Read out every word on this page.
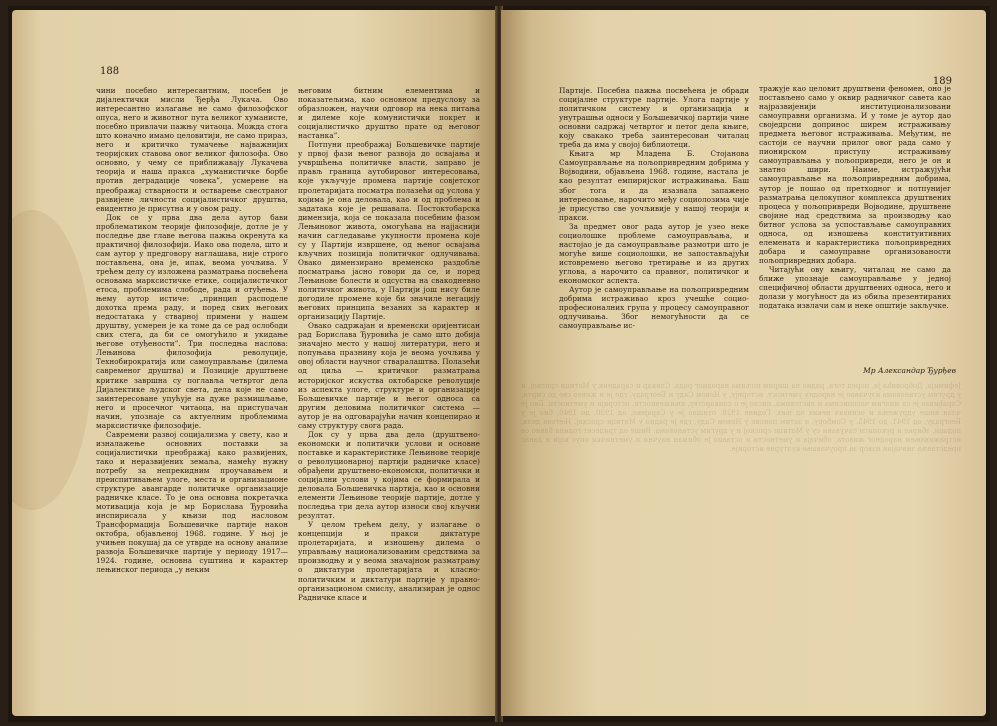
188

чини посебно интересантним, посебен је дијалектички мисли Ђерђа Лукача. Ово интересантно излагање не само филозофског опуса, него и животног пута великог хуманисте, посебно привлачи пажњу читаоца. Можда стога што коначно имамо целовитији, не само прираз, него и критичко тумачење најважнијих теоријских ставова овог великог филозофа. Ово основно, у чему се приближавају Лукачева теорија и наша пракса „хуманистичке борбе против деградације човека”, усмерене на преображај стварности и остварење свестраног развијене личности социјалистичког друштва, евидентно је присутна и у овом раду.

Док се у прва два дела аутор бави проблематиком теорије филозофије, дотле је у последње две главе његова пажња окренута ка практичној филозофији. Иако ова подела, што и сам аутор у предговору наглашава, није строго постављена, она је, ипак, веома уочљива. У трећем делу су изложена разматрања посвећена основама марксистичке етике, социјалистичког етоса, проблемима слободе, рада и отуђења. У њему аутор истиче: „принцип расподеле дохотка према раду, и поред свих његових недостатака у стварној примени у нашем друштву, усмерен је ка томе да се рад ослободи свих стега, да би се омогућило и укидање његове отуђености”. Три последња наслова: Лењинова филозофија револуције, Технобирократија или самоуправљање (дилема савременог друштва) и Позиције друштвене критике завршна су поглавља четвртог дела Дијалектике људског света, дела које не само заинтересоване упућује на дуже размишљање, него и просечног читаоца, на приступачан начин, упознаје са актуелним проблемима марксистичке филозофије.

Савремени развој социјализма у свету, као и изналажење основних поставки за социјалистички преображај како развијених, тако и неразвијених земаља, намећу нужну потребу за непрекидним проучавањем и преиспитивањем улоге, места и организационе структуре авангарде политичке организације радничке класе. То је она основна покретачка мотивација која је мр Борислава Ђуровића инспирисала у књизи под насловом Трансформација Бољшевичке партије након октобра, објављеној 1968. године. У њој је учињен покушај да се утврде на основу анализе развоја Бољшевичке партије у периоду 1917—1924. године, основна суштина и карактер лењинског периода „у неким

његовим битним елементима и показатељима, као основном предуслову за образложен, научни одговор на нека питања и дилеме које комунистички покрет и социјалистичко друштво прате од његовог настанка”.

Потпуни преображај Бољшевичке партије у првој фази њеног развоја до освајања и учвршћења политичке власти, заправо је прављ граница аутобировог интересовања, које укључује промена партије совјетског пролетаријата посматра полазећи од услова у којима је она деловала, као и од проблема и задатака које је решавала. Постоктобарска димензија, која се показала посебним фазом Лењиновог животa, омогућава на најјаснији начин сагледавање укупности промена које су у Партији извршене, од њеног освајања кључних позиција политичког одлучивања. Овако димензирано временско раздобље посматрања јасно говори да се, и поред Лењинове болести и одсуства на свакодневно политичког живота, у Партији још нису биле догодиле промене које би значиле негацију његових принципа везаних за карактер и организацију Партије.

Овако садржајан и временски оријентисан рад Борислава Ђуровића је само што добија значајно место у нашој литератури, него и попуњава празнину која је веома уочљива у овој области научног стваралаштва. Полазећи од циља — критичког разматрања историјског искуства октобарске револуције из аспекта улоге, структуре и организације Бољшевичке партије и његог односа са другим деловима политичког система — аутор је на одговарајући начин концепирао и саму структуру свога рада.

Док су у прва два дела (друштвено-економски и политички услови и основне поставке и карактеристике Лењинове теорије о револуционарној партији радничке класе) обрађени друштвено-економски, политички и социјални услови у којима се формирала и деловала Бољшевичка партија, као и основни елементи Лењинове теорије партије, дотле у последња три дела аутор износи свој кључни резултат.

У целом трећем делу, у излагање о концепцији и пракси диктатуре пролетаријата, и изношењу дилема о управљању национализованим средствима за производњу и у веома значајном разматрању о диктатури пролетаријата и класно-политичким и диктатури партије у правно-организационом смислу, анализиран је однос Радничке класе и

Јефимија, Добровића је, поред тога, радио на ширим пољима народног рада. Сликар и сарадник у Матици српској, и у другим установама изучавао је народну уметност, историју, у Новом Саду и Београду, где је и живео све до смрти. Сарађивао је са многим часописима и листовима, писао је о сликарству, књижевности, историји и уметности. Био је члан више удружења и оснивач неких од њих. Године 1928. отишао је у Сарајево, од 1930. до 1940. био је у Београду, од 1941. до 1945. у Сомбору, а затим поново у Новом Саду, где је радио у Матици српској. Његова дела, подаци, збирке и рукописи сачувани су у Матици српској и у другим установама. Више од тридесет година бавио се истраживањем народног живота, обичаја и уметности и оставио је обиман научни и уметнички опус који и данас представља значајан извор за проучавање културне историје.
189

Партије. Посебна пажња посвећена је обради социјалне структуре партије. Улога партије у политичком систему и организација и унутрашњи односи у Бољшевичкој партији чине основни садржај четвртог и петог дела књиге, коју свакако треба заинтересован читалац треба да има у својој библиотеци.

Књига мр Младена Б. Стојанова Самоуправљање на пољопривредним добрима у Војводини, објављена 1968. године, настала је као резултат емпиријског истраживања. Баш због тога и да изазвала запажено интересовање, нарочито међу социолозима чије је присуство све уочљивије у нашој теорији и пракси.

За предмет овог рада аутор је узео неке социолошке проблеме самоуправљања, и настојао је да самоуправљање размотри што је могуће више социолошки, не запостављајући истовремено његово третирање и из других углова, а нарочито са правног, политичког и економског аспекта.

Аутор је самоуправљање на пољопривредним добрима истраживао кроз учешће социо-професионалних група у процесу самоуправног одлучивања. Због немогућности да се самоуправљање ис-

тражује као целовит друштвени феномен, оно је постављено само у оквир радничког савета као најразвијенији институционализовани самоуправни организма. И у томе је аутор дао своједрсни допринос ширем истраживању предмета његовог истраживања. Међутим, не састоји се научни прилог овог рада само у пионирском приступу истраживању самоуправљања у пољопривреди, него је он и знатно шири. Наиме, истражујући самоуправљање на пољопривредним добрима, аутор је пошао од претходног и потпунијег разматрања целокупног комплекса друштвених процеса у пољопривреди Војводине, друштвене својине над средствима за производњу као битног услова за успостављање самоуправних односа, од изношења конституитивних елемената и карактеристика пољопривредних добара и самоуправне организованости пољопривредних добара.

Читајући ову књигу, читалац не само да ближе упознаје самоуправљање у једној специфичној области друштвених односа, него и долази у могућност да из обиља презентираних података извлачи сам и неке општије закључке.

Мр Александар Ђурђев
